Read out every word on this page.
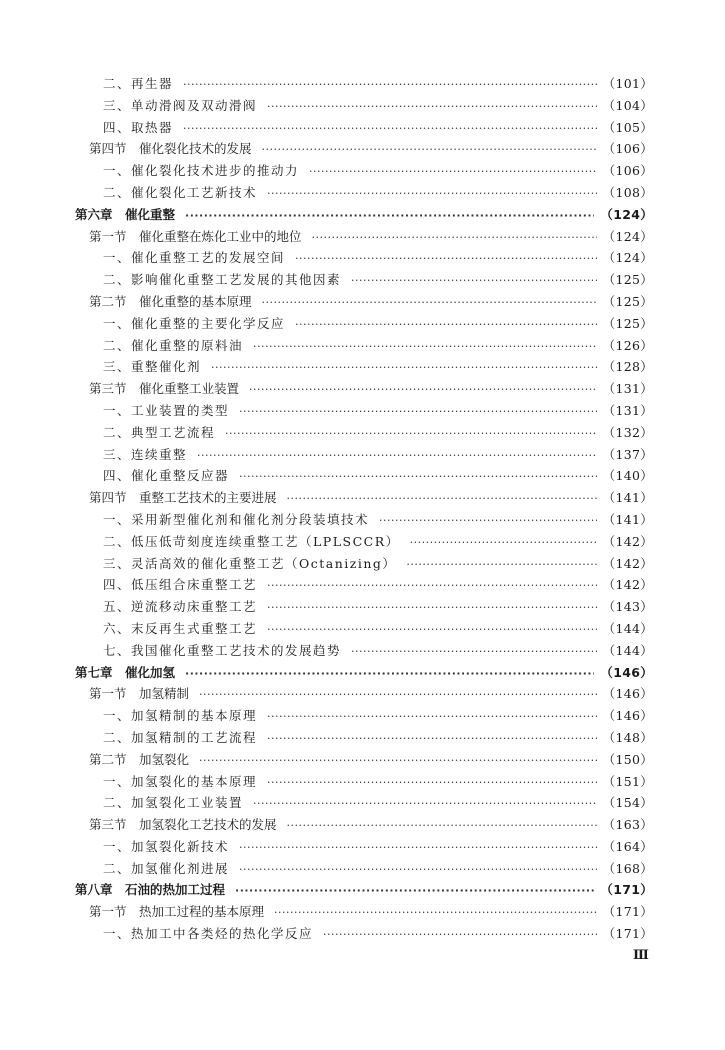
二、再生器 ·····	（101）
三、单动滑阀及双动滑阀 ·····	（104）
四、取热器 ·····	（105）
第四节　催化裂化技术的发展 ·····	（106）
一、催化裂化技术进步的推动力 ·····	（106）
二、催化裂化工艺新技术 ·····	（108）
第六章　催化重整 ·····	（124）
第一节　催化重整在炼化工业中的地位 ·····	（124）
一、催化重整工艺的发展空间 ·····	（124）
二、影响催化重整工艺发展的其他因素 ·····	（125）
第二节　催化重整的基本原理 ·····	（125）
一、催化重整的主要化学反应 ·····	（125）
二、催化重整的原料油 ·····	（126）
三、重整催化剂 ·····	（128）
第三节　催化重整工业装置 ·····	（131）
一、工业装置的类型 ·····	（131）
二、典型工艺流程 ·····	（132）
三、连续重整 ·····	（137）
四、催化重整反应器 ·····	（140）
第四节　重整工艺技术的主要进展 ·····	（141）
一、采用新型催化剂和催化剂分段装填技术 ·····	（141）
二、低压低苛刻度连续重整工艺（LPLSCCR） ·····	（142）
三、灵活高效的催化重整工艺（Octanizing） ·····	（142）
四、低压组合床重整工艺 ·····	（142）
五、逆流移动床重整工艺 ·····	（143）
六、末反再生式重整工艺 ·····	（144）
七、我国催化重整工艺技术的发展趋势 ·····	（144）
第七章　催化加氢 ·····	（146）
第一节　加氢精制 ·····	（146）
一、加氢精制的基本原理 ·····	（146）
二、加氢精制的工艺流程 ·····	（148）
第二节　加氢裂化 ·····	（150）
一、加氢裂化的基本原理 ·····	（151）
二、加氢裂化工业装置 ·····	（154）
第三节　加氢裂化工艺技术的发展 ·····	（163）
一、加氢裂化新技术 ·····	（164）
二、加氢催化剂进展 ·····	（168）
第八章　石油的热加工过程 ·····	（171）
第一节　热加工过程的基本原理 ·····	（171）
一、热加工中各类烃的热化学反应 ·····	（171）
Ⅲ
